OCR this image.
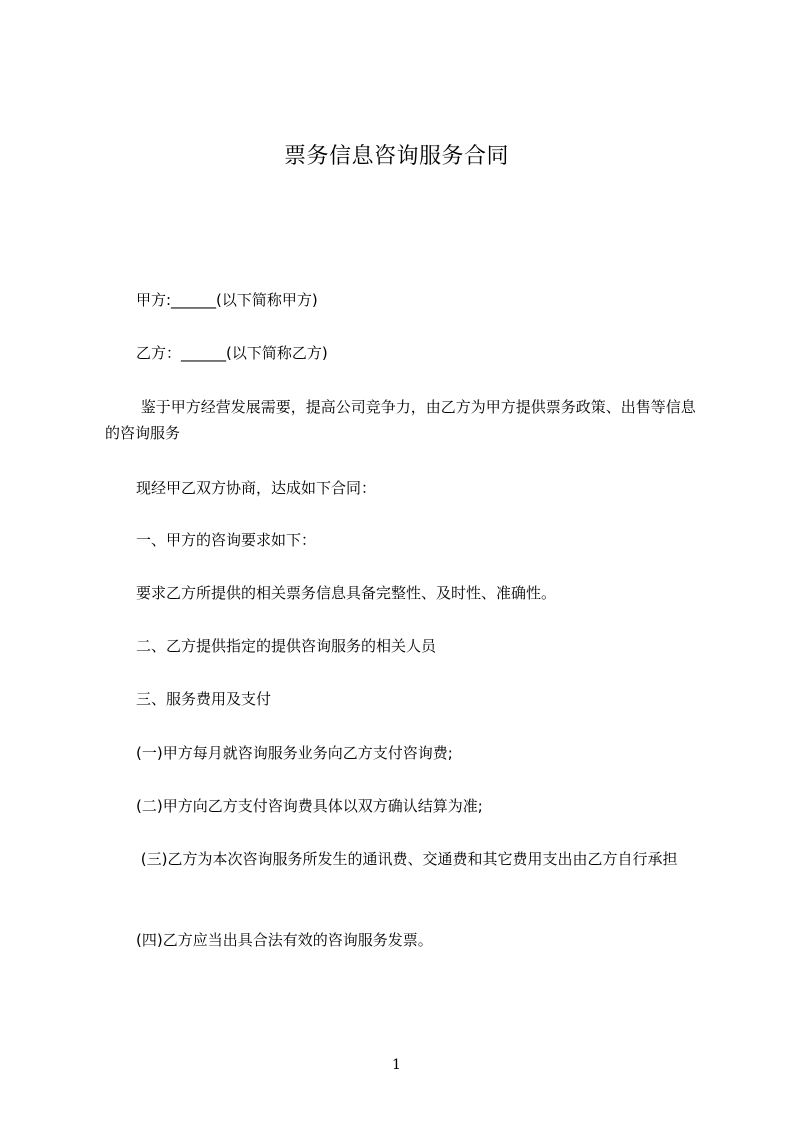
票务信息咨询服务合同

甲方:______(以下简称甲方)

乙方：______(以下简称乙方)

鉴于甲方经营发展需要，提高公司竞争力，由乙方为甲方提供票务政策、出售等信息的咨询服务

现经甲乙双方协商，达成如下合同：

一、甲方的咨询要求如下：

要求乙方所提供的相关票务信息具备完整性、及时性、准确性。

二、乙方提供指定的提供咨询服务的相关人员

三、服务费用及支付

(一)甲方每月就咨询服务业务向乙方支付咨询费;

(二)甲方向乙方支付咨询费具体以双方确认结算为准;

(三)乙方为本次咨询服务所发生的通讯费、交通费和其它费用支出由乙方自行承担

(四)乙方应当出具合法有效的咨询服务发票。

1
